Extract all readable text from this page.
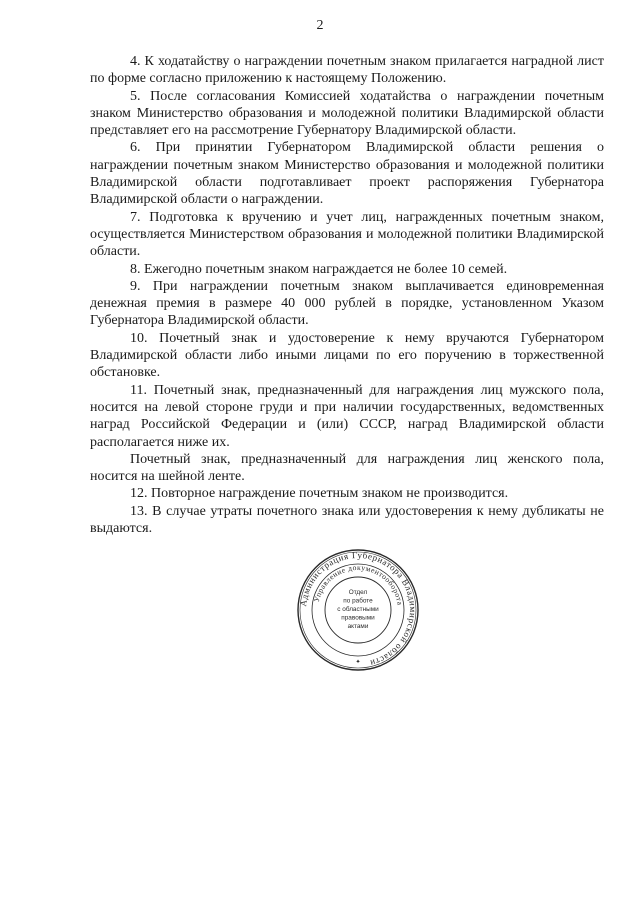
2

4. К ходатайству о награждении почетным знаком прилагается наградной лист по форме согласно приложению к настоящему Положению.

5. После согласования Комиссией ходатайства о награждении почетным знаком Министерство образования и молодежной политики Владимирской области представляет его на рассмотрение Губернатору Владимирской области.

6. При принятии Губернатором Владимирской области решения о награждении почетным знаком Министерство образования и молодежной политики Владимирской области подготавливает проект распоряжения Губернатора Владимирской области о награждении.

7. Подготовка к вручению и учет лиц, награжденных почетным знаком, осуществляется Министерством образования и молодежной политики Владимирской области.

8. Ежегодно почетным знаком награждается не более 10 семей.

9. При награждении почетным знаком выплачивается единовременная денежная премия в размере 40 000 рублей в порядке, установленном Указом Губернатора Владимирской области.

10. Почетный знак и удостоверение к нему вручаются Губернатором Владимирской области либо иными лицами по его поручению в торжественной обстановке.

11. Почетный знак, предназначенный для награждения лиц мужского пола, носится на левой стороне груди и при наличии государственных, ведомственных наград Российской Федерации и (или) СССР, наград Владимирской области располагается ниже их.

Почетный знак, предназначенный для награждения лиц женского пола, носится на шейной ленте.

12. Повторное награждение почетным знаком не производится.

13. В случае утраты почетного знака или удостоверения к нему дубликаты не выдаются.

Администрация Губернатора Владимирской области
Управление документооборота
✦
Отдел
по работе
с областными
правовыми
актами
